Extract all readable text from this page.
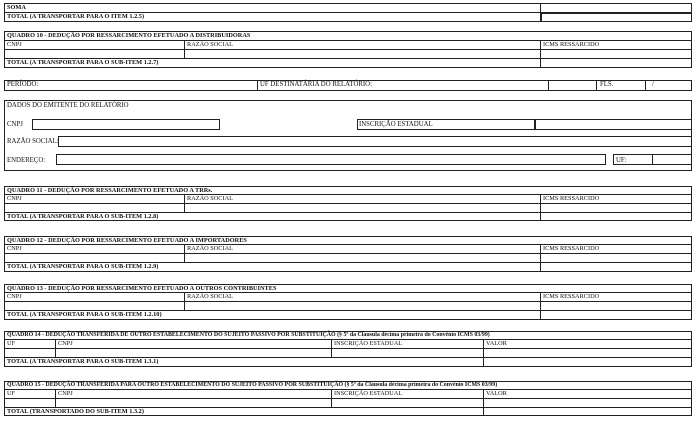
SOMA
TOTAL (A TRANSPORTAR PARA O ITEM 1.2.5)
QUADRO 10 - DEDUÇÃO POR RESSARCIMENTO EFETUADO A DISTRIBUIDORAS
CNPJ	RAZÃO SOCIAL	ICMS RESSARCIDO
TOTAL (A TRANSPORTAR PARA O SUB-ITEM 1.2.7)
PERÍODO:	UF DESTINATÁRIA DO RELATÓRIO:	FLS.	/
DADOS DO EMITENTE DO RELATÓRIO
CNPJ	INSCRIÇÃO ESTADUAL
RAZÃO SOCIAL:
ENDEREÇO:	UF:
QUADRO 11 - DEDUÇÃO POR RESSARCIMENTO EFETUADO A TRRs.
CNPJ	RAZÃO SOCIAL	ICMS RESSARCIDO
TOTAL (A TRANSPORTAR PARA O SUB-ITEM 1.2.8)
QUADRO 12 - DEDUÇÃO POR RESSARCIMENTO EFETUADO A IMPORTADORES
CNPJ	RAZÃO SOCIAL	ICMS RESSARCIDO
TOTAL (A TRANSPORTAR PARA O SUB-ITEM 1.2.9)
QUADRO 13 - DEDUÇÃO POR RESSARCIMENTO EFETUADO A OUTROS CONTRIBUINTES
CNPJ	RAZÃO SOCIAL	ICMS RESSARCIDO
TOTAL (A TRANSPORTAR PARA O SUB-ITEM 1.2.10)
QUADRO 14 - DEDUÇÃO TRANSFERIDA DE OUTRO ESTABELECIMENTO DO SUJEITO PASSIVO POR SUBSTITUIÇÃO (§ 5º da Cláusula décima primeira do Convênio ICMS 03/99)
UF	CNPJ	INSCRIÇÃO ESTADUAL	VALOR
TOTAL (A TRANSPORTAR PARA O SUB-ITEM 1.3.1)
QUADRO 15 - DEDUÇÃO TRANSFERIDA PARA OUTRO ESTABELECIMENTO DO SUJEITO PASSIVO POR SUBSTITUIÇÃO (§ 5º da Cláusula décima primeira do Convênio ICMS 03/99)
UF	CNPJ	INSCRIÇÃO ESTADUAL	VALOR
TOTAL (TRANSPORTADO DO SUB-ITEM 1.3.2)
